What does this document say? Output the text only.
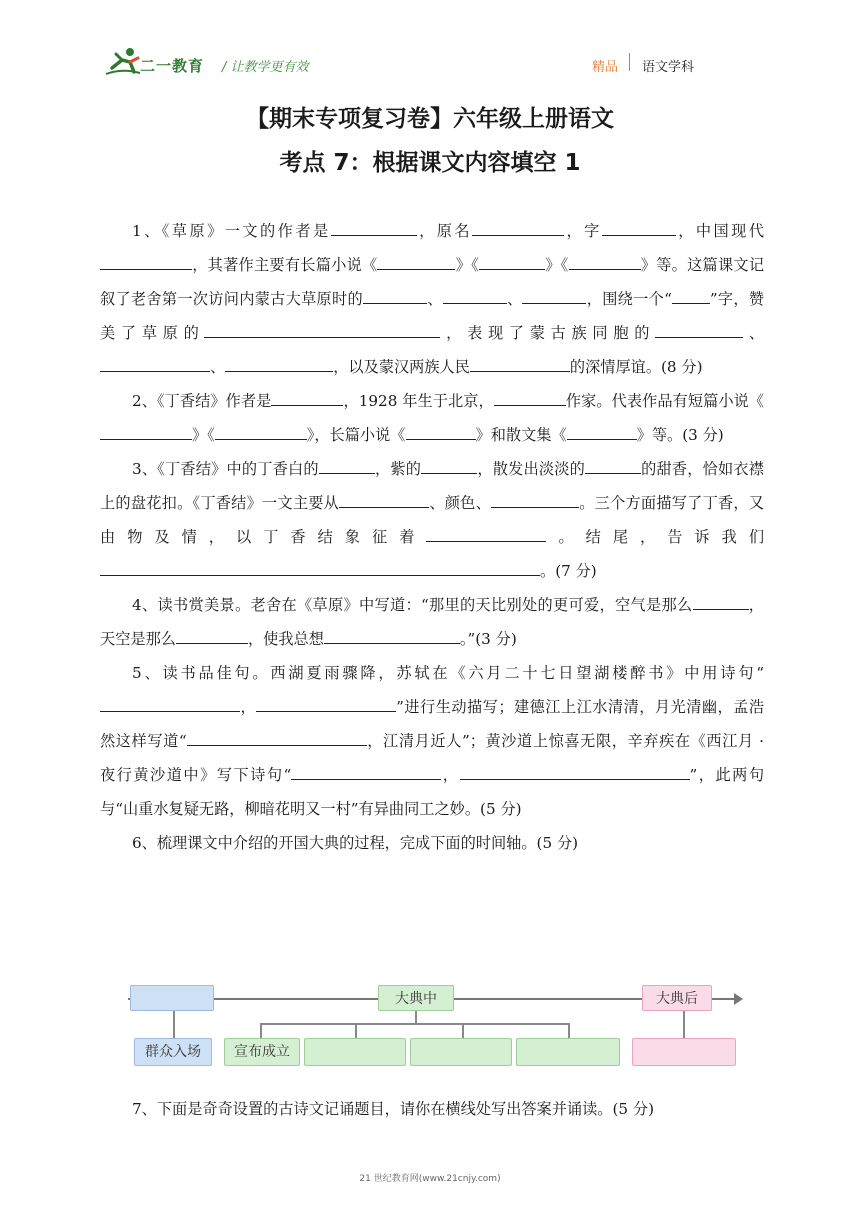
二一教育 / 让教学更有效	精品 语文学科
【期末专项复习卷】六年级上册语文
考点 7：根据课文内容填空 1

1、《草原》一文的作者是	，原名	，字	，中国现代，其著作主要有长篇小说《	》《	》《	》等。这篇课文记叙了老舍第一次访问内蒙古大草原时的	、	、	，围绕一个“	”字，赞美了草原的	，表现了蒙古族同胞的	、、	，以及蒙汉两族人民	的深情厚谊。(8 分)

2、《丁香结》作者是	，1928 年生于北京，	作家。代表作品有短篇小说《》《	》，长篇小说《	》和散文集《	》等。(3 分)

3、《丁香结》中的丁香白的	，紫的	，散发出淡淡的	的甜香，恰如衣襟上的盘花扣。《丁香结》一文主要从	、颜色、	。三个方面描写了丁香，又由物及情，以丁香结象征着	。结尾，告诉我们。(7 分)

4、读书赏美景。老舍在《草原》中写道：“那里的天比别处的更可爱，空气是那么	，天空是那么	，使我总想	。”(3 分)

5、读书品佳句。西湖夏雨骤降，苏轼在《六月二十七日望湖楼醉书》中用诗句“，	”进行生动描写；建德江上江水清清，月光清幽，孟浩然这样写道“	，江清月近人”；黄沙道上惊喜无限，辛弃疾在《西江月 · 夜行黄沙道中》写下诗句“	，	”，此两句与“山重水复疑无路，柳暗花明又一村”有异曲同工之妙。(5 分)

6、梳理课文中介绍的开国大典的过程，完成下面的时间轴。(5 分)

大典中	大典后
群众入场	宣布成立

7、下面是奇奇设置的古诗文记诵题目，请你在横线处写出答案并诵读。(5 分)

21 世纪教育网(www.21cnjy.com)
